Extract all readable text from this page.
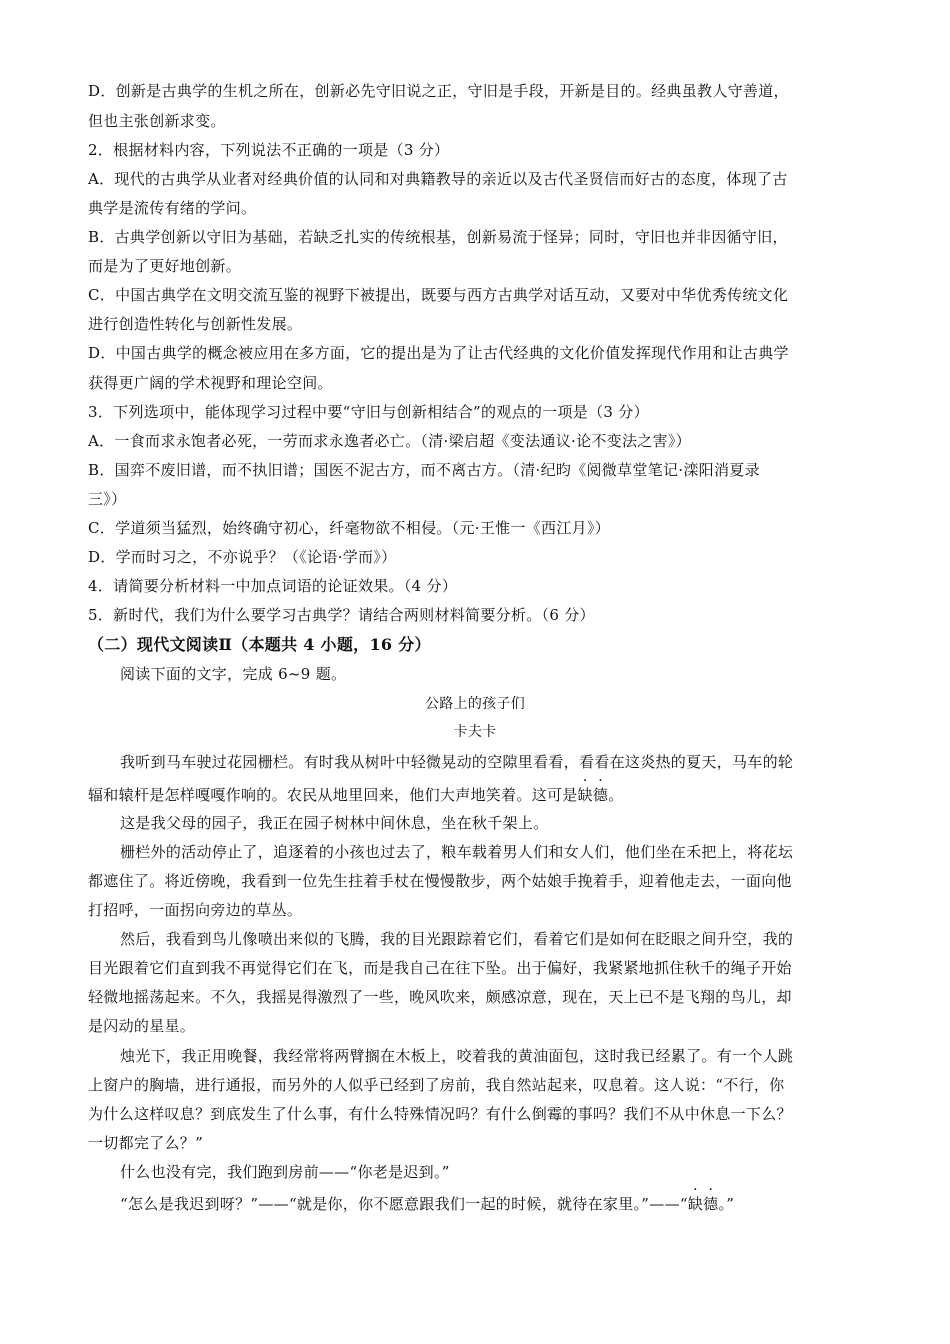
D．创新是古典学的生机之所在，创新必先守旧说之正，守旧是手段，开新是目的。经典虽教人守善道，
但也主张创新求变。
2．根据材料内容，下列说法不正确的一项是（3 分）
A．现代的古典学从业者对经典价值的认同和对典籍教导的亲近以及古代圣贤信而好古的态度，体现了古
典学是流传有绪的学问。
B．古典学创新以守旧为基础，若缺乏扎实的传统根基，创新易流于怪异；同时，守旧也并非因循守旧，
而是为了更好地创新。
C．中国古典学在文明交流互鉴的视野下被提出，既要与西方古典学对话互动，又要对中华优秀传统文化
进行创造性转化与创新性发展。
D．中国古典学的概念被应用在多方面，它的提出是为了让古代经典的文化价值发挥现代作用和让古典学
获得更广阔的学术视野和理论空间。
3．下列选项中，能体现学习过程中要“守旧与创新相结合”的观点的一项是（3 分）
A．一食而求永饱者必死，一劳而求永逸者必亡。（清·梁启超《变法通议·论不变法之害》）
B．国弈不废旧谱，而不执旧谱；国医不泥古方，而不离古方。（清·纪昀《阅微草堂笔记·滦阳消夏录
三》）
C．学道须当猛烈，始终确守初心，纤毫物欲不相侵。（元·王惟一《西江月》）
D．学而时习之，不亦说乎？（《论语·学而》）
4．请简要分析材料一中加点词语的论证效果。（4 分）
5．新时代，我们为什么要学习古典学？请结合两则材料简要分析。（6 分）
（二）现代文阅读Ⅱ（本题共 4 小题，16 分）
阅读下面的文字，完成 6~9 题。
公路上的孩子们
卡夫卡
我听到马车驶过花园栅栏。有时我从树叶中轻微晃动的空隙里看看，看看在这炎热的夏天，马车的轮
辐和辕杆是怎样嘎嘎作响的。农民从地里回来，他们大声地笑着。这可是缺德。
这是我父母的园子，我正在园子树林中间休息，坐在秋千架上。
栅栏外的活动停止了，追逐着的小孩也过去了，粮车载着男人们和女人们，他们坐在禾把上，将花坛
都遮住了。将近傍晚，我看到一位先生拄着手杖在慢慢散步，两个姑娘手挽着手，迎着他走去，一面向他
打招呼，一面拐向旁边的草丛。
然后，我看到鸟儿像喷出来似的飞腾，我的目光跟踪着它们，看着它们是如何在眨眼之间升空，我的
目光跟着它们直到我不再觉得它们在飞，而是我自己在往下坠。出于偏好，我紧紧地抓住秋千的绳子开始
轻微地摇荡起来。不久，我摇晃得激烈了一些，晚风吹来，颇感凉意，现在，天上已不是飞翔的鸟儿，却
是闪动的星星。
烛光下，我正用晚餐，我经常将两臂搁在木板上，咬着我的黄油面包，这时我已经累了。有一个人跳
上窗户的胸墙，进行通报，而另外的人似乎已经到了房前，我自然站起来，叹息着。这人说：“不行，你
为什么这样叹息？到底发生了什么事，有什么特殊情况吗？有什么倒霉的事吗？我们不从中休息一下么？
一切都完了么？”
什么也没有完，我们跑到房前——“你老是迟到。”
“怎么是我迟到呀？”——“就是你，你不愿意跟我们一起的时候，就待在家里。”——“缺德。”
